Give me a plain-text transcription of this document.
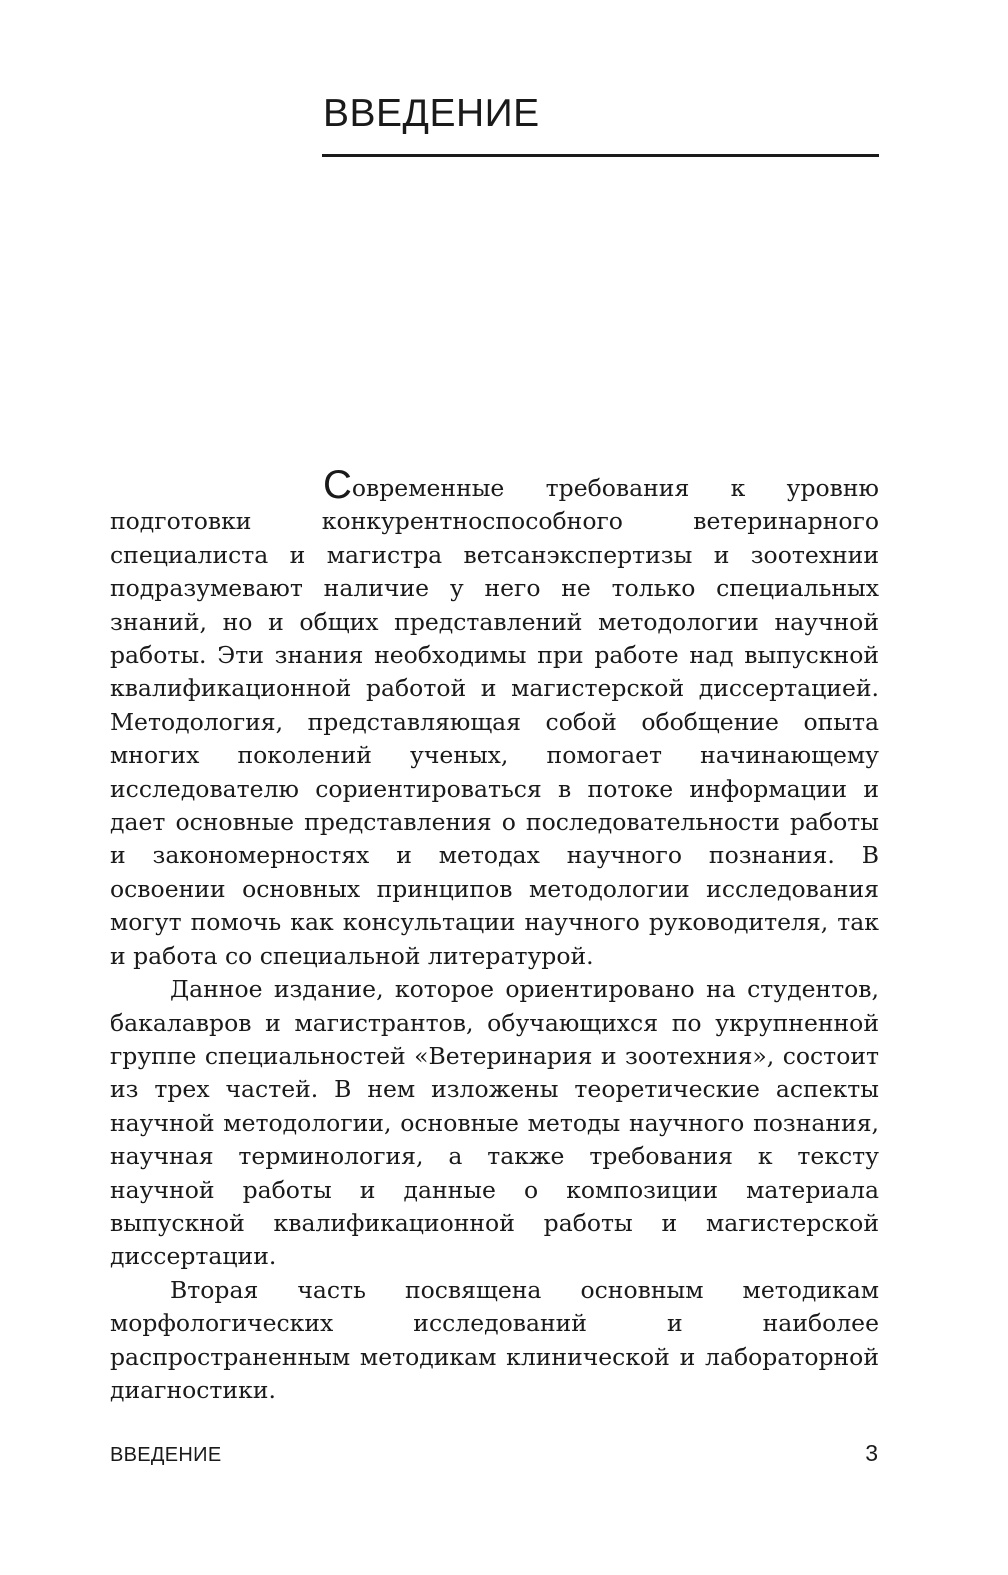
ВВЕДЕНИЕ

Современные требования к уровню подготовки конкурентноспособного ветеринарного специалиста и магистра ветсанэкспертизы и зоотехнии подразумевают наличие у него не только специальных знаний, но и общих представлений методологии научной работы. Эти знания необходимы при работе над выпускной квалификационной работой и магистерской диссертацией. Методология, представляющая собой обобщение опыта многих поколений ученых, помогает начинающему исследователю сориентироваться в потоке информации и дает основные представления о последовательности работы и закономерностях и методах научного познания. В освоении основных принципов методологии исследования могут помочь как консультации научного руководителя, так и работа со специальной литературой.

Данное издание, которое ориентировано на студентов, бакалавров и магистрантов, обучающихся по укрупненной группе специальностей «Ветеринария и зоотехния», состоит из трех частей. В нем изложены теоретические аспекты научной методологии, основные методы научного познания, научная терминология, а также требования к тексту научной работы и данные о композиции материала выпускной квалификационной работы и магистерской диссертации.

Вторая часть посвящена основным методикам морфологических исследований и наиболее распространенным методикам клинической и лабораторной диагностики.

ВВЕДЕНИЕ	3
